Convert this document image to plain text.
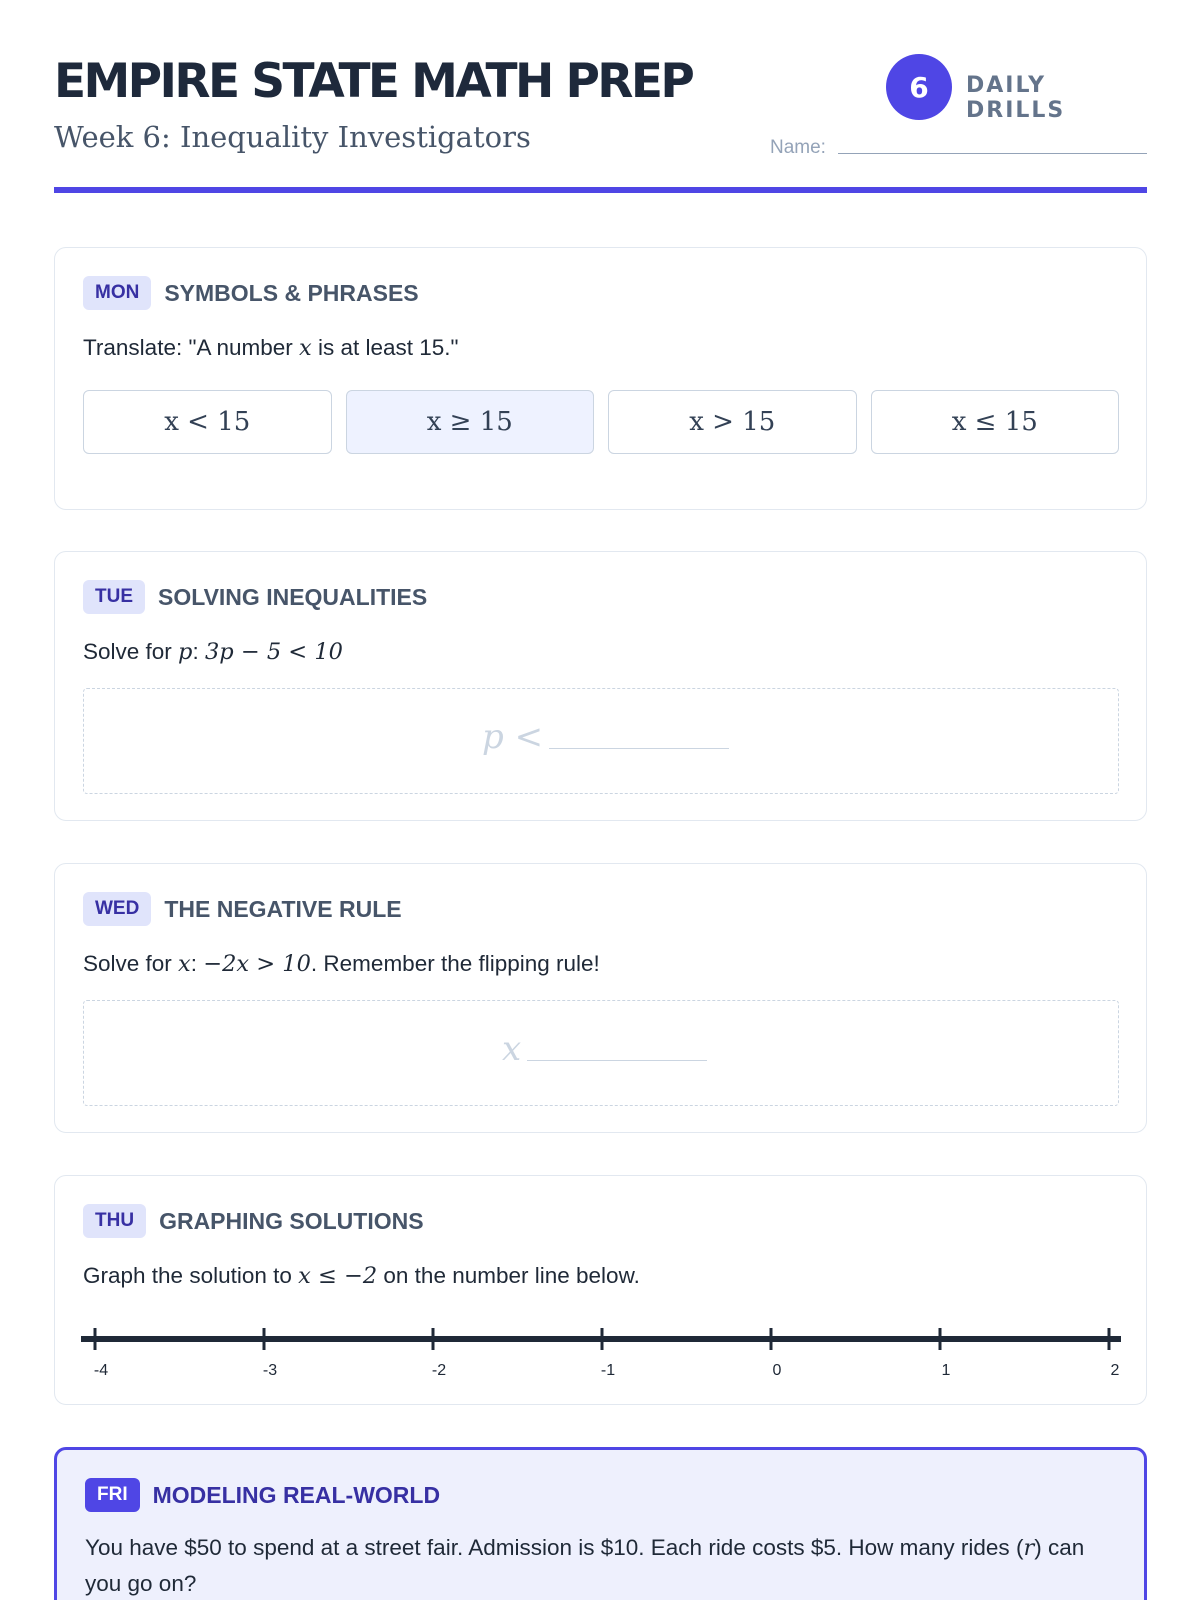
EMPIRE STATE MATH PREP
Week 6: Inequality Investigators
6	DAILY DRILLS
Name:
MON	SYMBOLS & PHRASES
Translate: "A number x is at least 15."
x < 15	x ≥ 15	x > 15	x ≤ 15
TUE	SOLVING INEQUALITIES
Solve for p: 3p − 5 < 10
p <
WED	THE NEGATIVE RULE
Solve for x: −2x > 10. Remember the flipping rule!
x
THU	GRAPHING SOLUTIONS
Graph the solution to x ≤ −2 on the number line below.
-4	-3	-2	-1	0	1	2
FRI	MODELING REAL-WORLD
You have $50 to spend at a street fair. Admission is $10. Each ride costs $5. How many rides (r) can you go on?
